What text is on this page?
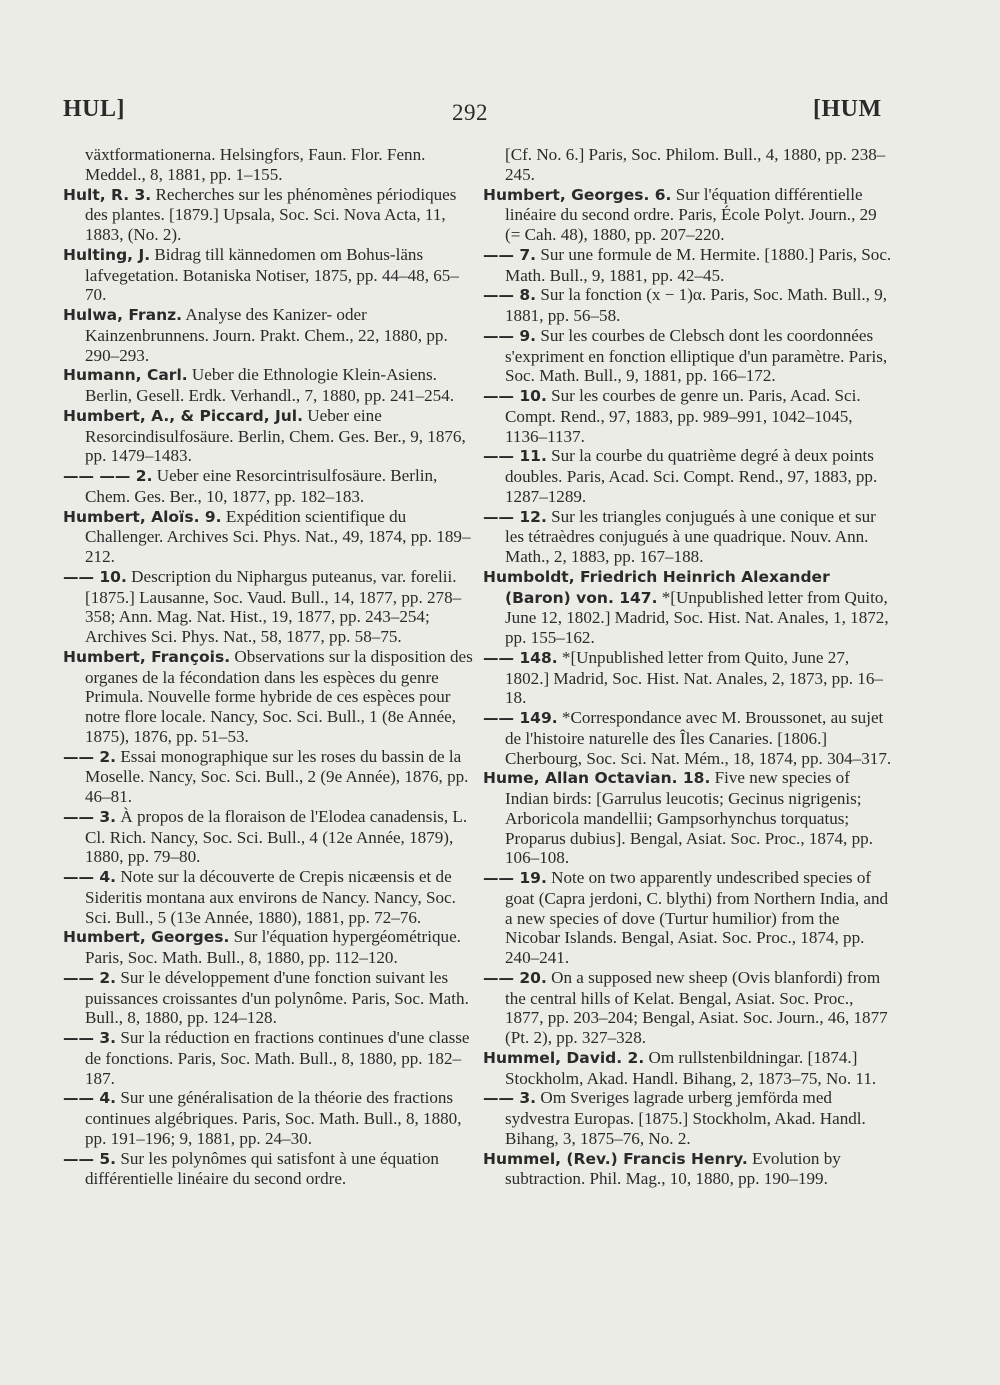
HUL]	292	[HUM

växtformationerna. Helsingfors, Faun. Flor. Fenn. Meddel., 8, 1881, pp. 1–155.

Hult, R. 3. Recherches sur les phénomènes périodiques des plantes. [1879.] Upsala, Soc. Sci. Nova Acta, 11, 1883, (No. 2).

Hulting, J. Bidrag till kännedomen om Bohus-läns lafvegetation. Botaniska Notiser, 1875, pp. 44–48, 65–70.

Hulwa, Franz. Analyse des Kanizer- oder Kainzenbrunnens. Journ. Prakt. Chem., 22, 1880, pp. 290–293.

Humann, Carl. Ueber die Ethnologie Klein-Asiens. Berlin, Gesell. Erdk. Verhandl., 7, 1880, pp. 241–254.

Humbert, A., & Piccard, Jul. Ueber eine Resorcindisulfosäure. Berlin, Chem. Ges. Ber., 9, 1876, pp. 1479–1483.

—— —— 2. Ueber eine Resorcintrisulfosäure. Berlin, Chem. Ges. Ber., 10, 1877, pp. 182–183.

Humbert, Aloïs. 9. Expédition scientifique du Challenger. Archives Sci. Phys. Nat., 49, 1874, pp. 189–212.

—— 10. Description du Niphargus puteanus, var. forelii. [1875.] Lausanne, Soc. Vaud. Bull., 14, 1877, pp. 278–358; Ann. Mag. Nat. Hist., 19, 1877, pp. 243–254; Archives Sci. Phys. Nat., 58, 1877, pp. 58–75.

Humbert, François. Observations sur la disposition des organes de la fécondation dans les espèces du genre Primula. Nouvelle forme hybride de ces espèces pour notre flore locale. Nancy, Soc. Sci. Bull., 1 (8e Année, 1875), 1876, pp. 51–53.

—— 2. Essai monographique sur les roses du bassin de la Moselle. Nancy, Soc. Sci. Bull., 2 (9e Année), 1876, pp. 46–81.

—— 3. À propos de la floraison de l'Elodea canadensis, L. Cl. Rich. Nancy, Soc. Sci. Bull., 4 (12e Année, 1879), 1880, pp. 79–80.

—— 4. Note sur la découverte de Crepis nicæensis et de Sideritis montana aux environs de Nancy. Nancy, Soc. Sci. Bull., 5 (13e Année, 1880), 1881, pp. 72–76.

Humbert, Georges. Sur l'équation hypergéométrique. Paris, Soc. Math. Bull., 8, 1880, pp. 112–120.

—— 2. Sur le développement d'une fonction suivant les puissances croissantes d'un polynôme. Paris, Soc. Math. Bull., 8, 1880, pp. 124–128.

—— 3. Sur la réduction en fractions continues d'une classe de fonctions. Paris, Soc. Math. Bull., 8, 1880, pp. 182–187.

—— 4. Sur une généralisation de la théorie des fractions continues algébriques. Paris, Soc. Math. Bull., 8, 1880, pp. 191–196; 9, 1881, pp. 24–30.

—— 5. Sur les polynômes qui satisfont à une équation différentielle linéaire du second ordre.

[Cf. No. 6.] Paris, Soc. Philom. Bull., 4, 1880, pp. 238–245.

Humbert, Georges. 6. Sur l'équation différentielle linéaire du second ordre. Paris, École Polyt. Journ., 29 (= Cah. 48), 1880, pp. 207–220.

—— 7. Sur une formule de M. Hermite. [1880.] Paris, Soc. Math. Bull., 9, 1881, pp. 42–45.

—— 8. Sur la fonction (x − 1)α. Paris, Soc. Math. Bull., 9, 1881, pp. 56–58.

—— 9. Sur les courbes de Clebsch dont les coordonnées s'expriment en fonction elliptique d'un paramètre. Paris, Soc. Math. Bull., 9, 1881, pp. 166–172.

—— 10. Sur les courbes de genre un. Paris, Acad. Sci. Compt. Rend., 97, 1883, pp. 989–991, 1042–1045, 1136–1137.

—— 11. Sur la courbe du quatrième degré à deux points doubles. Paris, Acad. Sci. Compt. Rend., 97, 1883, pp. 1287–1289.

—— 12. Sur les triangles conjugués à une conique et sur les tétraèdres conjugués à une quadrique. Nouv. Ann. Math., 2, 1883, pp. 167–188.

Humboldt, Friedrich Heinrich Alexander (Baron) von. 147. *[Unpublished letter from Quito, June 12, 1802.] Madrid, Soc. Hist. Nat. Anales, 1, 1872, pp. 155–162.

—— 148. *[Unpublished letter from Quito, June 27, 1802.] Madrid, Soc. Hist. Nat. Anales, 2, 1873, pp. 16–18.

—— 149. *Correspondance avec M. Broussonet, au sujet de l'histoire naturelle des Îles Canaries. [1806.] Cherbourg, Soc. Sci. Nat. Mém., 18, 1874, pp. 304–317.

Hume, Allan Octavian. 18. Five new species of Indian birds: [Garrulus leucotis; Gecinus nigrigenis; Arboricola mandellii; Gampsorhynchus torquatus; Proparus dubius]. Bengal, Asiat. Soc. Proc., 1874, pp. 106–108.

—— 19. Note on two apparently undescribed species of goat (Capra jerdoni, C. blythi) from Northern India, and a new species of dove (Turtur humilior) from the Nicobar Islands. Bengal, Asiat. Soc. Proc., 1874, pp. 240–241.

—— 20. On a supposed new sheep (Ovis blanfordi) from the central hills of Kelat. Bengal, Asiat. Soc. Proc., 1877, pp. 203–204; Bengal, Asiat. Soc. Journ., 46, 1877 (Pt. 2), pp. 327–328.

Hummel, David. 2. Om rullstenbildningar. [1874.] Stockholm, Akad. Handl. Bihang, 2, 1873–75, No. 11.

—— 3. Om Sveriges lagrade urberg jemförda med sydvestra Europas. [1875.] Stockholm, Akad. Handl. Bihang, 3, 1875–76, No. 2.

Hummel, (Rev.) Francis Henry. Evolution by subtraction. Phil. Mag., 10, 1880, pp. 190–199.
